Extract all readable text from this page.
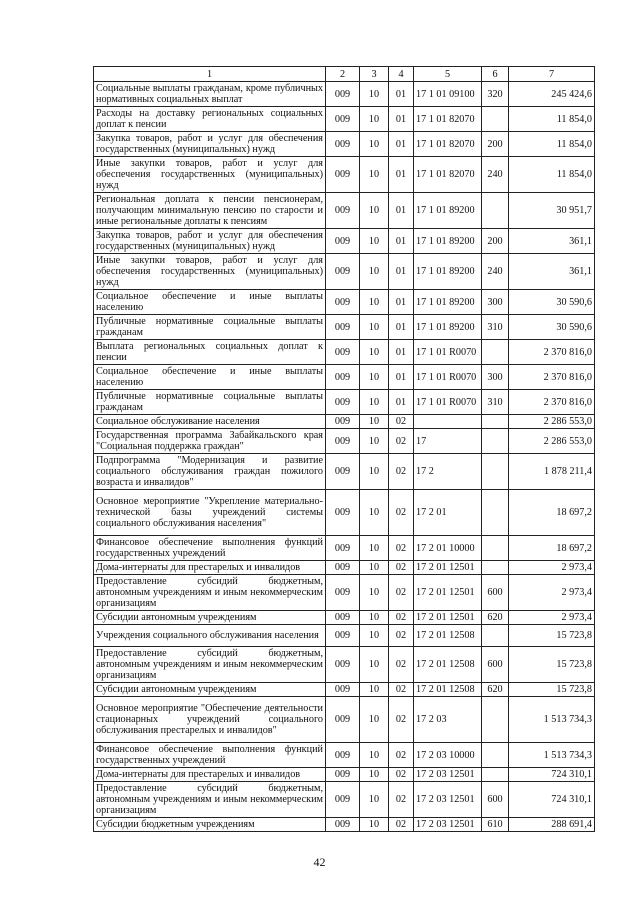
1	2	3	4	5	6	7
Социальные выплаты гражданам, кроме публичных нормативных социальных выплат	009	10	01	17 1 01 09100	320	245 424,6
Расходы на доставку региональных социальных доплат к пенсии	009	10	01	17 1 01 82070		11 854,0
Закупка товаров, работ и услуг для обеспечения государственных (муниципальных) нужд	009	10	01	17 1 01 82070	200	11 854,0
Иные закупки товаров, работ и услуг для обеспечения государственных (муниципальных) нужд	009	10	01	17 1 01 82070	240	11 854,0
Региональная доплата к пенсии пенсионерам, получающим минимальную пенсию по старости и иные региональные доплаты к пенсиям	009	10	01	17 1 01 89200		30 951,7
Закупка товаров, работ и услуг для обеспечения государственных (муниципальных) нужд	009	10	01	17 1 01 89200	200	361,1
Иные закупки товаров, работ и услуг для обеспечения государственных (муниципальных) нужд	009	10	01	17 1 01 89200	240	361,1
Социальное обеспечение и иные выплаты населению	009	10	01	17 1 01 89200	300	30 590,6
Публичные нормативные социальные выплаты гражданам	009	10	01	17 1 01 89200	310	30 590,6
Выплата региональных социальных доплат к пенсии	009	10	01	17 1 01 R0070		2 370 816,0
Социальное обеспечение и иные выплаты населению	009	10	01	17 1 01 R0070	300	2 370 816,0
Публичные нормативные социальные выплаты гражданам	009	10	01	17 1 01 R0070	310	2 370 816,0
Социальное обслуживание населения	009	10	02			2 286 553,0
Государственная программа Забайкальского края "Социальная поддержка граждан"	009	10	02	17		2 286 553,0
Подпрограмма "Модернизация и развитие социального обслуживания граждан пожилого возраста и инвалидов"	009	10	02	17 2		1 878 211,4
Основное мероприятие "Укрепление материально-технической базы учреждений системы социального обслуживания населения"	009	10	02	17 2 01		18 697,2
Финансовое обеспечение выполнения функций государственных учреждений	009	10	02	17 2 01 10000		18 697,2
Дома-интернаты для престарелых и инвалидов	009	10	02	17 2 01 12501		2 973,4
Предоставление субсидий бюджетным, автономным учреждениям и иным некоммерческим организациям	009	10	02	17 2 01 12501	600	2 973,4
Субсидии автономным учреждениям	009	10	02	17 2 01 12501	620	2 973,4
Учреждения социального обслуживания населения	009	10	02	17 2 01 12508		15 723,8
Предоставление субсидий бюджетным, автономным учреждениям и иным некоммерческим организациям	009	10	02	17 2 01 12508	600	15 723,8
Субсидии автономным учреждениям	009	10	02	17 2 01 12508	620	15 723,8
Основное мероприятие "Обеспечение деятельности стационарных учреждений социального обслуживания престарелых и инвалидов"	009	10	02	17 2 03		1 513 734,3
Финансовое обеспечение выполнения функций государственных учреждений	009	10	02	17 2 03 10000		1 513 734,3
Дома-интернаты для престарелых и инвалидов	009	10	02	17 2 03 12501		724 310,1
Предоставление субсидий бюджетным, автономным учреждениям и иным некоммерческим организациям	009	10	02	17 2 03 12501	600	724 310,1
Субсидии бюджетным учреждениям	009	10	02	17 2 03 12501	610	288 691,4
42
